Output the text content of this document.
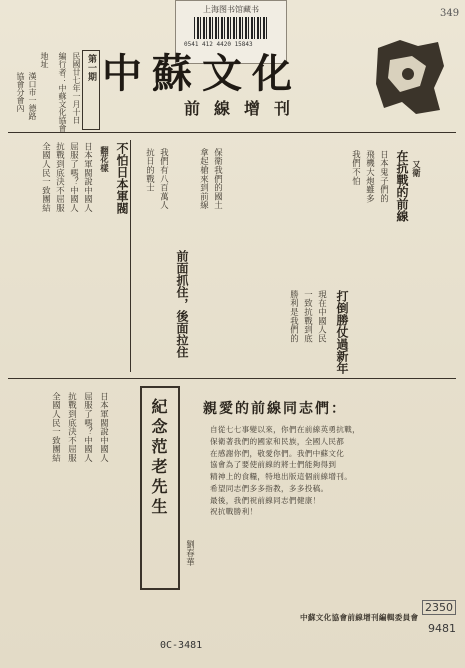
上海图书馆藏书
0541 412 4420 15843
349
中蘇文化
前線增刊
第一期
民國廿七年一月十日
編行者：中蘇文化協會
地址
漢口市一德路
協會分會內
不怕日本軍閥
翻花樣
日本軍閥說中國人
屈服了嗎？中國人
抗戰到底決不屈服
全國人民一致團結
前面抓住，後面拉住
我們有八百萬人
抗日的戰士	拿起槍來到前線 保衛我們的國土	在抗戰的前線 又衛
日本鬼子們的
飛機大炮雖多
我們不怕
打倒勝仗過新年
現在中國人民
一致抗戰到底
勝利是我們的
紀念范老先生
劉春華
親愛的前線同志們：
自從七七事變以來，你們在前線英勇抗戰，
保衛著我們的國家和民族，全國人民都
在感謝你們，敬愛你們。我們中蘇文化
協會為了要使前線的將士們能夠得到
精神上的食糧，特地出版這個前線增刊。
希望同志們多多指教，多多投稿。
最後，我們祝前線同志們健康！
祝抗戰勝利！
中蘇文化協會前線增刊編輯委員會
日本軍閥說中國人
屈服了嗎？中國人
抗戰到底決不屈服
全國人民一致團結
2350
9481
0C-3481
